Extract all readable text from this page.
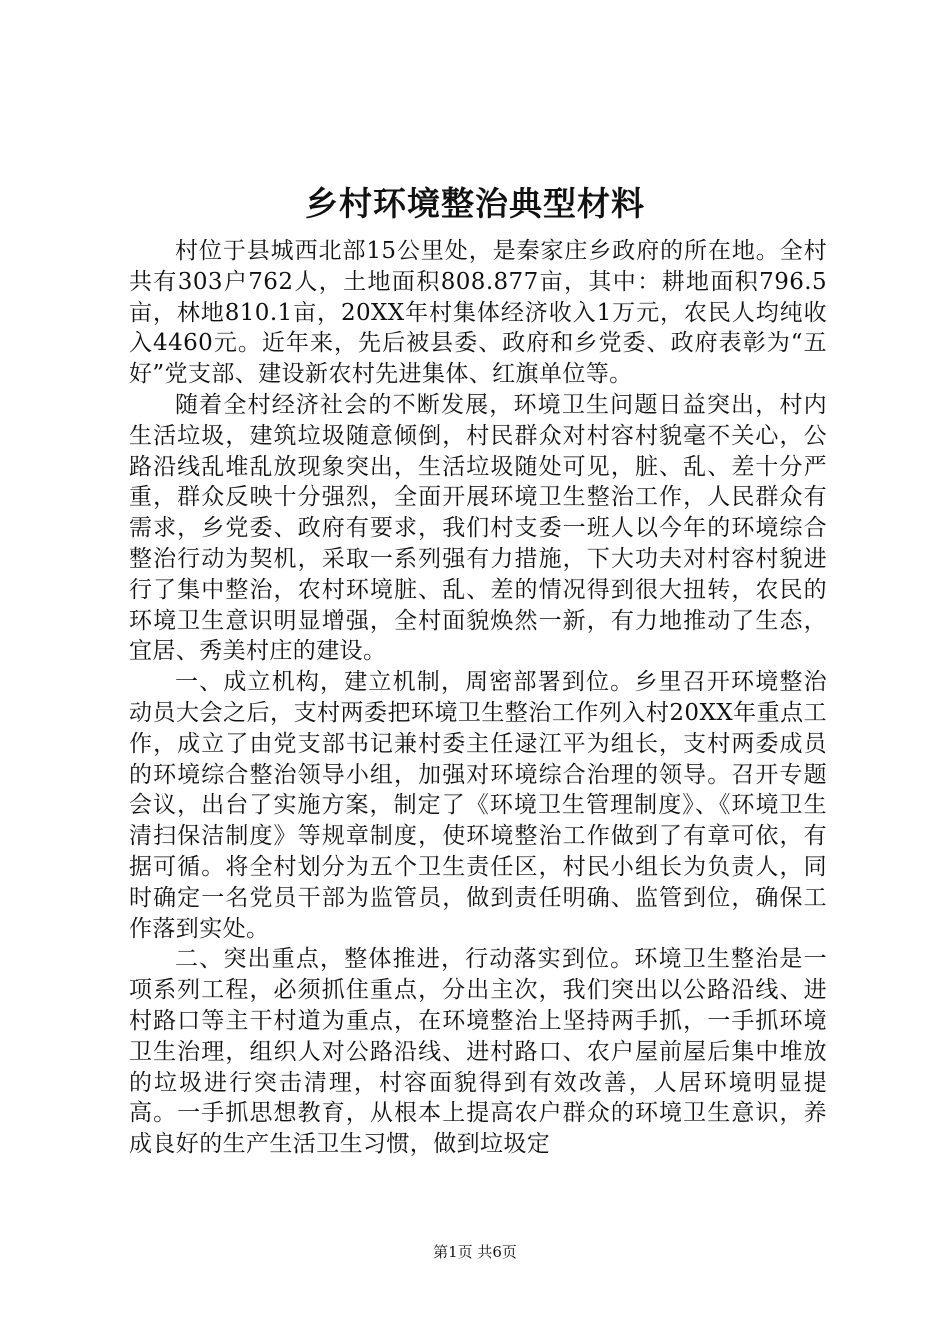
乡村环境整治典型材料

村位于县城西北部15公里处，是秦家庄乡政府的所在地。全村共有303户762人，土地面积808.877亩，其中：耕地面积796.5亩，林地810.1亩，20XX年村集体经济收入1万元，农民人均纯收入4460元。近年来，先后被县委、政府和乡党委、政府表彰为“五好”党支部、建设新农村先进集体、红旗单位等。

随着全村经济社会的不断发展，环境卫生问题日益突出，村内生活垃圾，建筑垃圾随意倾倒，村民群众对村容村貌毫不关心，公路沿线乱堆乱放现象突出，生活垃圾随处可见，脏、乱、差十分严重，群众反映十分强烈，全面开展环境卫生整治工作，人民群众有需求，乡党委、政府有要求，我们村支委一班人以今年的环境综合整治行动为契机，采取一系列强有力措施，下大功夫对村容村貌进行了集中整治，农村环境脏、乱、差的情况得到很大扭转，农民的环境卫生意识明显增强，全村面貌焕然一新，有力地推动了生态，宜居、秀美村庄的建设。

一、成立机构，建立机制，周密部署到位。乡里召开环境整治动员大会之后，支村两委把环境卫生整治工作列入村20XX年重点工作，成立了由党支部书记兼村委主任逯江平为组长，支村两委成员的环境综合整治领导小组，加强对环境综合治理的领导。召开专题会议，出台了实施方案，制定了《环境卫生管理制度》、《环境卫生清扫保洁制度》等规章制度，使环境整治工作做到了有章可依，有据可循。将全村划分为五个卫生责任区，村民小组长为负责人，同时确定一名党员干部为监管员，做到责任明确、监管到位，确保工作落到实处。

二、突出重点，整体推进，行动落实到位。环境卫生整治是一项系列工程，必须抓住重点，分出主次，我们突出以公路沿线、进村路口等主干村道为重点，在环境整治上坚持两手抓，一手抓环境卫生治理，组织人对公路沿线、进村路口、农户屋前屋后集中堆放的垃圾进行突击清理，村容面貌得到有效改善，人居环境明显提高。一手抓思想教育，从根本上提高农户群众的环境卫生意识，养成良好的生产生活卫生习惯，做到垃圾定

第1页 共6页
